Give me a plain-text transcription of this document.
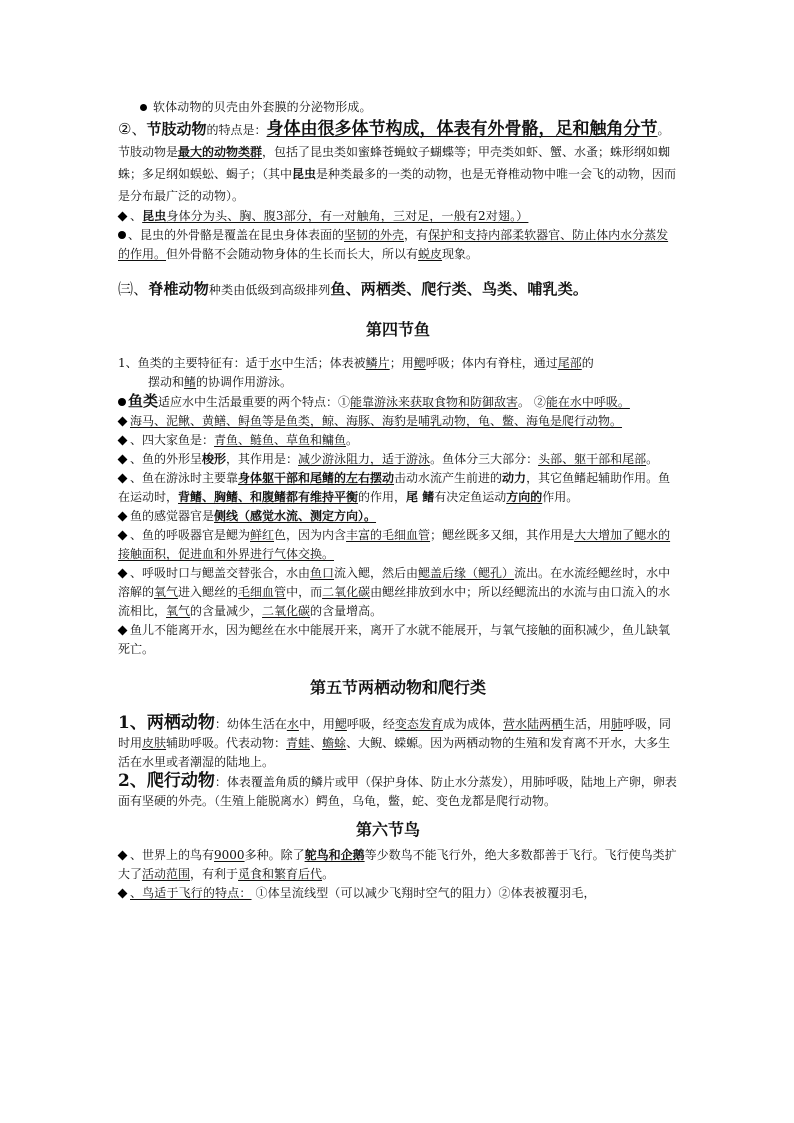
软体动物的贝壳由外套膜的分泌物形成。
②、节肢动物的特点是：身体由很多体节构成，体表有外骨骼，足和触角分节。节肢动物是最大的动物类群，包括了昆虫类如蜜蜂苍蝇蚊子蝴蝶等；甲壳类如虾、蟹、水蚤；蛛形纲如蜘蛛；多足纲如蜈蚣、蝎子；（其中昆虫是种类最多的一类的动物，也是无脊椎动物中唯一会飞的动物，因而是分布最广泛的动物）。
、昆虫身体分为头、胸、腹3部分，有一对触角，三对足，一般有2对翅。）
、昆虫的外骨骼是覆盖在昆虫身体表面的坚韧的外壳，有保护和支持内部柔软器官、防止体内水分蒸发的作用。但外骨骼不会随动物身体的生长而长大，所以有蜕皮现象。
㈢、脊椎动物种类由低级到高级排列鱼、两栖类、爬行类、鸟类、哺乳类。
第四节鱼
1、鱼类的主要特征有：适于水中生活；体表被鳞片；用鳃呼吸；体内有脊柱，通过尾部的
摆动和鳍的协调作用游泳。
鱼类适应水中生活最重要的两个特点：①能靠游泳来获取食物和防御敌害。 ②能在水中呼吸。
海马、泥鳅、黄鳝、鲟鱼等是鱼类，鲸、海豚、海豹是哺乳动物，龟、鳖、海龟是爬行动物。
、四大家鱼是：青鱼、鲢鱼、草鱼和鳙鱼。
、鱼的外形呈梭形，其作用是：减少游泳阻力，适于游泳。鱼体分三大部分：头部、躯干部和尾部。
、鱼在游泳时主要靠身体躯干部和尾鳍的左右摆动击动水流产生前进的动力，其它鱼鳍起辅助作用。鱼在运动时，背鳍、胸鳍、和腹鳍都有维持平衡的作用，尾 鳍有决定鱼运动方向的作用。
鱼的感觉器官是侧线（感觉水流、测定方向）。
、鱼的呼吸器官是鳃为鲜红色，因为内含丰富的毛细血管；鳃丝既多又细，其作用是大大增加了鳃水的接触面积，促进血和外界进行气体交换。
、呼吸时口与鳃盖交替张合，水由鱼口流入鳃，然后由鳃盖后缘（鳃孔）流出。在水流经鳃丝时，水中溶解的氧气进入鳃丝的毛细血管中，而二氧化碳由鳃丝排放到水中；所以经鳃流出的水流与由口流入的水流相比，氧气的含量减少，二氧化碳的含量增高。
鱼儿不能离开水，因为鳃丝在水中能展开来，离开了水就不能展开，与氧气接触的面积减少，鱼儿缺氧死亡。
第五节两栖动物和爬行类
1、两栖动物：幼体生活在水中，用鳃呼吸，经变态发育成为成体，营水陆两栖生活，用肺呼吸，同时用皮肤辅助呼吸。代表动物：青蛙、蟾蜍、大鲵、蝾螈。因为两栖动物的生殖和发育离不开水，大多生活在水里或者潮湿的陆地上。
2、爬行动物：体表覆盖角质的鳞片或甲（保护身体、防止水分蒸发），用肺呼吸，陆地上产卵，卵表面有坚硬的外壳。（生殖上能脱离水）鳄鱼，乌龟，鳖，蛇、变色龙都是爬行动物。
第六节鸟
、世界上的鸟有9000多种。除了鸵鸟和企鹅等少数鸟不能飞行外，绝大多数都善于飞行。飞行使鸟类扩大了活动范围，有利于觅食和繁育后代。
、鸟适于飞行的特点： ①体呈流线型（可以减少飞翔时空气的阻力）②体表被覆羽毛，
